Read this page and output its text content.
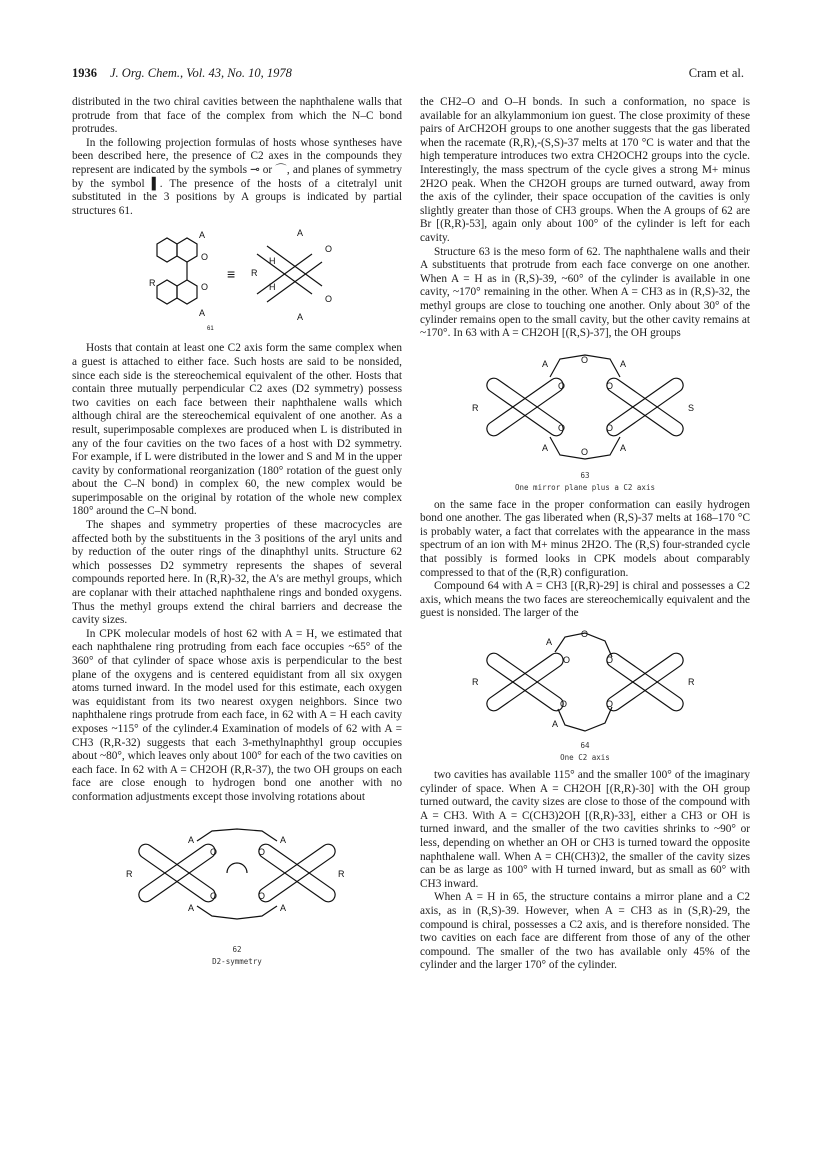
1936 J. Org. Chem., Vol. 43, No. 10, 1978	Cram et al.

distributed in the two chiral cavities between the naphthalene walls that protrude from that face of the complex from which the N–C bond protrudes.

In the following projection formulas of hosts whose syntheses have been described here, the presence of C2 axes in the compounds they represent are indicated by the symbols ⊸ or ⌒, and planes of symmetry by the symbol ▌. The presence of the hosts of a citetralyl unit substituted in the 3 positions by A groups is indicated by partial structures 61.

A
O
O
R
A
≡
A
O
H
R
H
O
A
61

Hosts that contain at least one C2 axis form the same complex when a guest is attached to either face. Such hosts are said to be nonsided, since each side is the stereochemical equivalent of the other. Hosts that contain three mutually perpendicular C2 axes (D2 symmetry) possess two cavities on each face between their naphthalene walls which although chiral are the stereochemical equivalent of one another. As a result, superimposable complexes are produced when L is distributed in any of the four cavities on the two faces of a host with D2 symmetry. For example, if L were distributed in the lower and S and M in the upper cavity by conformational reorganization (180° rotation of the guest only about the C–N bond) in complex 60, the new complex would be superimposable on the original by rotation of the whole new complex 180° around the C–N bond.

The shapes and symmetry properties of these macrocycles are affected both by the substituents in the 3 positions of the aryl units and by reduction of the outer rings of the dinaphthyl units. Structure 62 which possesses D2 symmetry represents the shapes of several compounds reported here. In (R,R)-32, the A's are methyl groups, which are coplanar with their attached naphthalene rings and bonded oxygens. Thus the methyl groups extend the chiral barriers and decrease the cavity sizes.

In CPK molecular models of host 62 with A = H, we estimated that each naphthalene ring protruding from each face occupies ~65° of the 360° of that cylinder of space whose axis is perpendicular to the best plane of the oxygens and is centered equidistant from all six oxygen atoms turned inward. In the model used for this estimate, each oxygen was equidistant from its two nearest oxygen neighbors. Since two naphthalene rings protrude from each face, in 62 with A = H each cavity exposes ~115° of the cylinder.4 Examination of models of 62 with A = CH3 (R,R-32) suggests that each 3-methylnaphthyl group occupies about ~80°, which leaves only about 100° for each of the two cavities on each face. In 62 with A = CH2OH (R,R-37), the two OH groups on each face are close enough to hydrogen bond one another with no conformation adjustments except those involving rotations about

A
O	O
A
R	R
A
O	O
A
62
D2-symmetry

the CH2–O and O–H bonds. In such a conformation, no space is available for an alkylammonium ion guest. The close proximity of these pairs of ArCH2OH groups to one another suggests that the gas liberated when the racemate (R,R),-(S,S)-37 melts at 170 °C is water and that the high temperature introduces two extra CH2OCH2 groups into the cycle. Interestingly, the mass spectrum of the cycle gives a strong M+ minus 2H2O peak. When the CH2OH groups are turned outward, away from the axis of the cylinder, their space occupation of the cavities is only slightly greater than those of CH3 groups. When the A groups of 62 are Br [(R,R)-53], again only about 100° of the cylinder is left for each cavity.

Structure 63 is the meso form of 62. The naphthalene walls and their A substituents that protrude from each face converge on one another. When A = H as in (R,S)-39, ~60° of the cylinder is available in one cavity, ~170° remaining in the other. When A = CH3 as in (R,S)-32, the methyl groups are close to touching one another. Only about 30° of the cylinder remains open to the small cavity, but the other cavity remains at ~170°. In 63 with A = CH2OH [(R,S)-37], the OH groups

A	O	A
O	O
R	S
O	O
A	O	A
63
One mirror plane plus a C2 axis

on the same face in the proper conformation can easily hydrogen bond one another. The gas liberated when (R,S)-37 melts at 168–170 °C is probably water, a fact that correlates with the appearance in the mass spectrum of an ion with M+ minus 2H2O. The (R,S) four-stranded cycle that possibly is formed looks in CPK models about comparably compressed to that of the (R,R) configuration.

Compound 64 with A = CH3 [(R,R)-29] is chiral and possesses a C2 axis, which means the two faces are stereochemically equivalent and the guest is nonsided. The larger of the

A
O	O
R	R
O	O
A
O
64
One C2 axis

two cavities has available 115° and the smaller 100° of the imaginary cylinder of space. When A = CH2OH [(R,R)-30] with the OH group turned outward, the cavity sizes are close to those of the compound with A = CH3. With A = C(CH3)2OH [(R,R)-33], either a CH3 or OH is turned inward, and the smaller of the two cavities shrinks to ~90° or less, depending on whether an OH or CH3 is turned toward the opposite naphthalene wall. When A = CH(CH3)2, the smaller of the cavity sizes can be as large as 100° with H turned inward, but as small as 60° with CH3 inward.

When A = H in 65, the structure contains a mirror plane and a C2 axis, as in (R,S)-39. However, when A = CH3 as in (S,R)-29, the compound is chiral, possesses a C2 axis, and is therefore nonsided. The two cavities on each face are different from those of any of the other compound. The smaller of the two has available only 45% of the cylinder and the larger 170° of the cylinder.
